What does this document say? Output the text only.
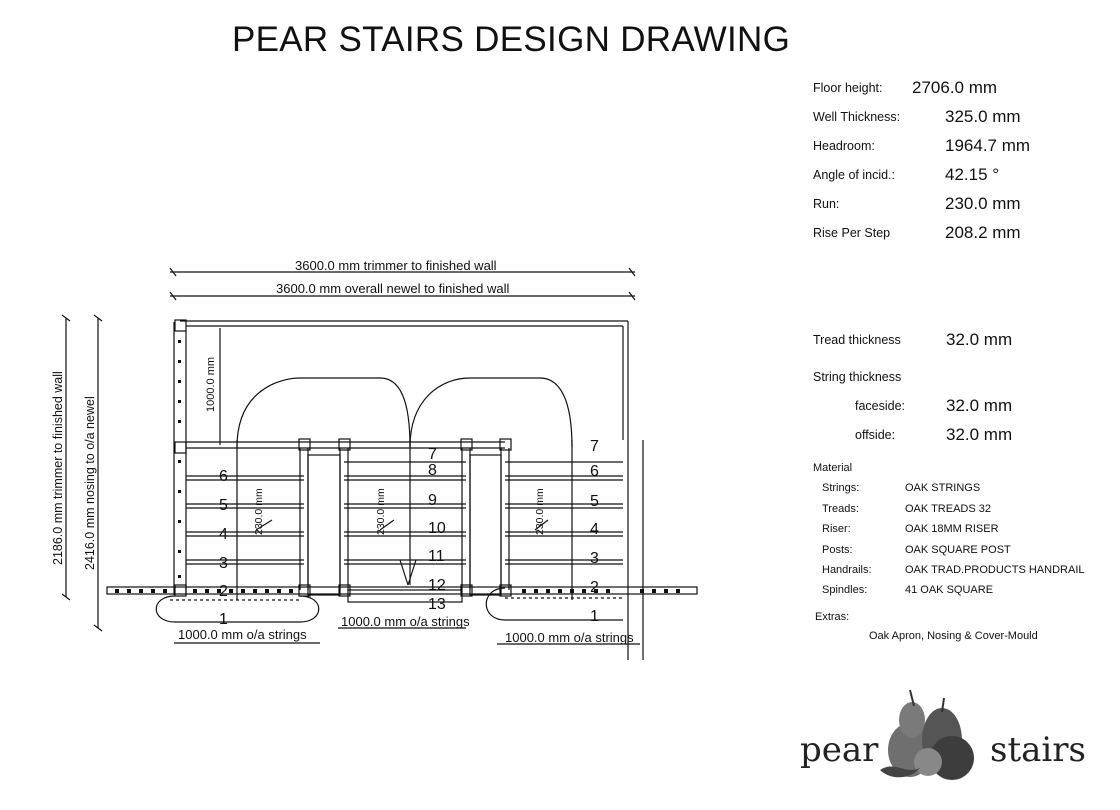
PEAR STAIRS DESIGN DRAWING
Floor height: 2706.0 mm
Well Thickness:	325.0 mm
Headroom:	1964.7 mm
Angle of incid.:	42.15 °
Run:	230.0 mm
Rise Per Step	208.2 mm
Tread thickness	32.0 mm
String thickness
faceside: 32.0 mm
offside:	32.0 mm
Material
Strings:	OAK STRINGS
Treads:	OAK TREADS 32
Riser:	OAK 18MM RISER
Posts:	OAK SQUARE POST
Handrails:	OAK TRAD.PRODUCTS HANDRAIL
Spindles:	41 OAK SQUARE
Extras:
Oak Apron, Nosing & Cover-Mould
3600.0 mm trimmer to finished wall
3600.0 mm overall newel to finished wall
2186.0 mm trimmer to finished wall 2416.0 mm nosing to o/a newel
1000.0 mm
230.0 mm	230.0 mm	230.0 mm
1000.0 mm o/a strings
1000.0 mm o/a strings
1000.0 mm o/a strings
1
2
3
4
5
6
7
8
9
10
11
12
13
1
2
3
4
5
6
7
pear	stairs
